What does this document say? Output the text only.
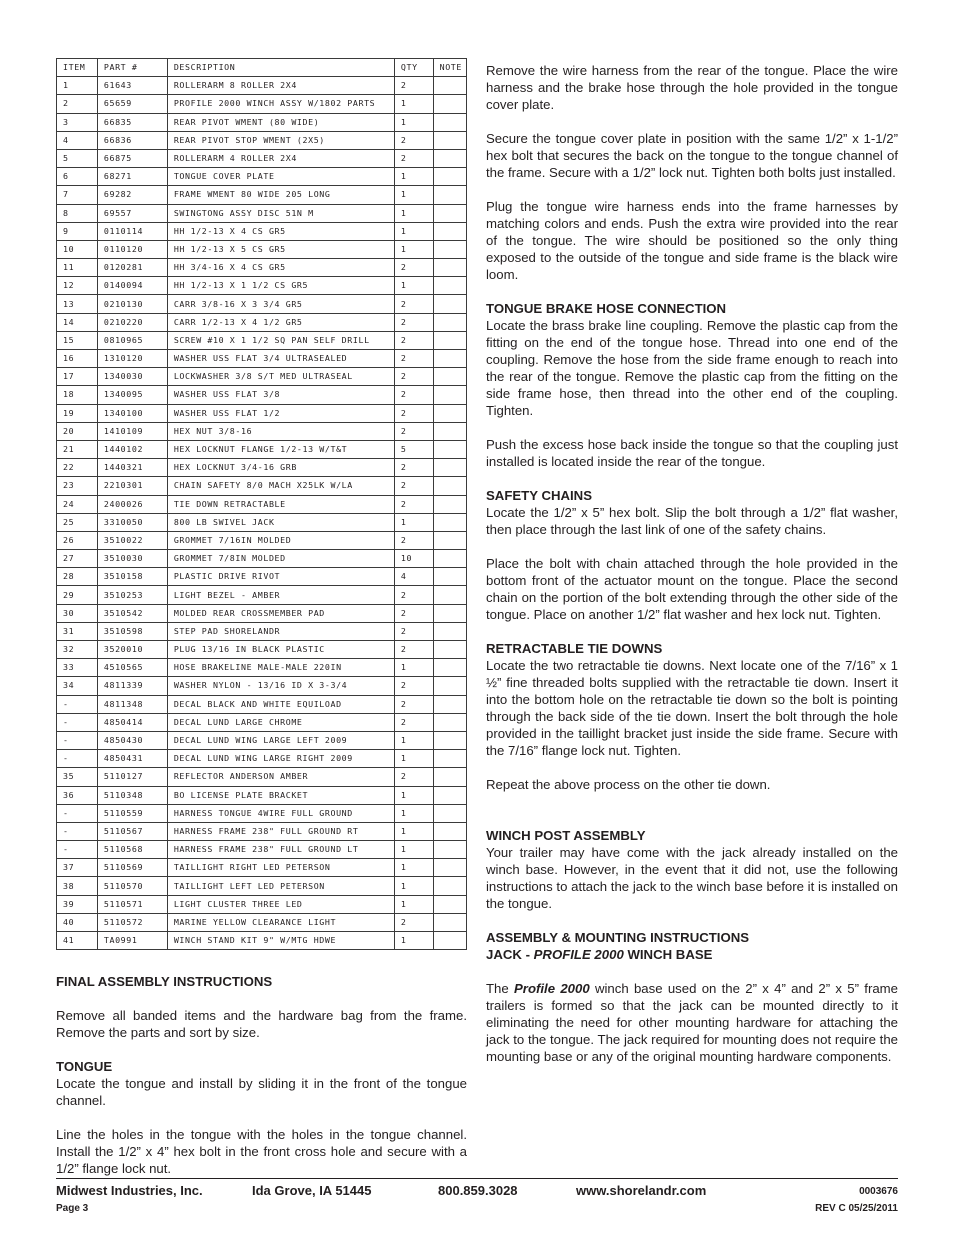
ITEM	PART #	DESCRIPTION	QTY	NOTE
1	61643	ROLLERARM 8 ROLLER 2X4	2	
2	65659	PROFILE 2000 WINCH ASSY W/1802 PARTS	1	
3	66835	REAR PIVOT WMENT (80 WIDE)	1	
4	66836	REAR PIVOT STOP WMENT (2X5)	2	
5	66875	ROLLERARM 4 ROLLER 2X4	2	
6	68271	TONGUE COVER PLATE	1	
7	69282	FRAME WMENT 80 WIDE 205 LONG	1	
8	69557	SWINGTONG ASSY DISC 51N M	1	
9	0110114	HH 1/2-13 X 4 CS GR5	1	
10	0110120	HH 1/2-13 X 5 CS GR5	1	
11	0120281	HH 3/4-16 X 4 CS GR5	2	
12	0140094	HH 1/2-13 X 1 1/2 CS GR5	1	
13	0210130	CARR 3/8-16 X 3 3/4 GR5	2	
14	0210220	CARR 1/2-13 X 4 1/2 GR5	2	
15	0810965	SCREW #10 X 1 1/2 SQ PAN SELF DRILL	2	
16	1310120	WASHER USS FLAT 3/4 ULTRASEALED	2	
17	1340030	LOCKWASHER 3/8 S/T MED ULTRASEAL	2	
18	1340095	WASHER USS FLAT 3/8	2	
19	1340100	WASHER USS FLAT 1/2	2	
20	1410109	HEX NUT 3/8-16	2	
21	1440102	HEX LOCKNUT FLANGE 1/2-13 W/T&T	5	
22	1440321	HEX LOCKNUT 3/4-16 GRB	2	
23	2210301	CHAIN SAFETY 8/0 MACH X25LK W/LA	2	
24	2400026	TIE DOWN RETRACTABLE	2	
25	3310050	800 LB SWIVEL JACK	1	
26	3510022	GROMMET 7/16IN MOLDED	2	
27	3510030	GROMMET 7/8IN MOLDED	10	
28	3510158	PLASTIC DRIVE RIVOT	4	
29	3510253	LIGHT BEZEL - AMBER	2	
30	3510542	MOLDED REAR CROSSMEMBER PAD	2	
31	3510598	STEP PAD SHORELANDR	2	
32	3520010	PLUG 13/16 IN BLACK PLASTIC	2	
33	4510565	HOSE BRAKELINE MALE-MALE 220IN	1	
34	4811339	WASHER NYLON - 13/16 ID X 3-3/4	2	
-	4811348	DECAL BLACK AND WHITE EQUILOAD	2	
-	4850414	DECAL LUND LARGE CHROME	2	
-	4850430	DECAL LUND WING LARGE LEFT 2009	1	
-	4850431	DECAL LUND WING LARGE RIGHT 2009	1	
35	5110127	REFLECTOR ANDERSON AMBER	2	
36	5110348	BO LICENSE PLATE BRACKET	1	
-	5110559	HARNESS TONGUE 4WIRE FULL GROUND	1	
-	5110567	HARNESS FRAME 238" FULL GROUND RT	1	
-	5110568	HARNESS FRAME 238" FULL GROUND LT	1	
37	5110569	TAILLIGHT RIGHT LED PETERSON	1	
38	5110570	TAILLIGHT LEFT LED PETERSON	1	
39	5110571	LIGHT CLUSTER THREE LED	1	
40	5110572	MARINE YELLOW CLEARANCE LIGHT	2	
41	TA0991	WINCH STAND KIT 9" W/MTG HDWE	1	

FINAL ASSEMBLY INSTRUCTIONS

Remove all banded items and the hardware bag from the frame. Remove the parts and sort by size.

TONGUE

Locate the tongue and install by sliding it in the front of the tongue channel.

Line the holes in the tongue with the holes in the tongue channel. Install the 1/2” x 4” hex bolt in the front cross hole and secure with a 1/2” flange lock nut.

Remove the wire harness from the rear of the tongue. Place the wire harness and the brake hose through the hole provided in the tongue cover plate.

Secure the tongue cover plate in position with the same 1/2” x 1-1/2” hex bolt that secures the back on the tongue to the tongue channel of the frame. Secure with a 1/2” lock nut. Tighten both bolts just installed.

Plug the tongue wire harness ends into the frame harnesses by matching colors and ends. Push the extra wire provided into the rear of the tongue. The wire should be positioned so the only thing exposed to the outside of the tongue and side frame is the black wire loom.

TONGUE BRAKE HOSE CONNECTION

Locate the brass brake line coupling. Remove the plastic cap from the fitting on the end of the tongue hose. Thread into one end of the coupling. Remove the hose from the side frame enough to reach into the rear of the tongue. Remove the plastic cap from the fitting on the side frame hose, then thread into the other end of the coupling. Tighten.

Push the excess hose back inside the tongue so that the coupling just installed is located inside the rear of the tongue.

SAFETY CHAINS

Locate the 1/2” x 5” hex bolt. Slip the bolt through a 1/2” flat washer, then place through the last link of one of the safety chains.

Place the bolt with chain attached through the hole provided in the bottom front of the actuator mount on the tongue. Place the second chain on the portion of the bolt extending through the other side of the tongue. Place on another 1/2” flat washer and hex lock nut. Tighten.

RETRACTABLE TIE DOWNS

Locate the two retractable tie downs. Next locate one of the 7/16” x 1 ½” fine threaded bolts supplied with the retractable tie down. Insert it into the bottom hole on the retractable tie down so the bolt is pointing through the back side of the tie down. Insert the bolt through the hole provided in the taillight bracket just inside the side frame. Secure with the 7/16” flange lock nut. Tighten.

Repeat the above process on the other tie down.

WINCH POST ASSEMBLY

Your trailer may have come with the jack already installed on the winch base. However, in the event that it did not, use the following instructions to attach the jack to the winch base before it is installed on the tongue.

ASSEMBLY & MOUNTING INSTRUCTIONS
JACK - PROFILE 2000 WINCH BASE

The Profile 2000 winch base used on the 2” x 4” and 2” x 5” frame trailers is formed so that the jack can be mounted directly to it eliminating the need for other mounting hardware for attaching the jack to the tongue. The jack required for mounting does not require the mounting base or any of the original mounting hardware components.

Midwest Industries, Inc.	Ida Grove, IA 51445	800.859.3028	www.shorelandr.com	0003676
Page 3	REV C 05/25/2011
